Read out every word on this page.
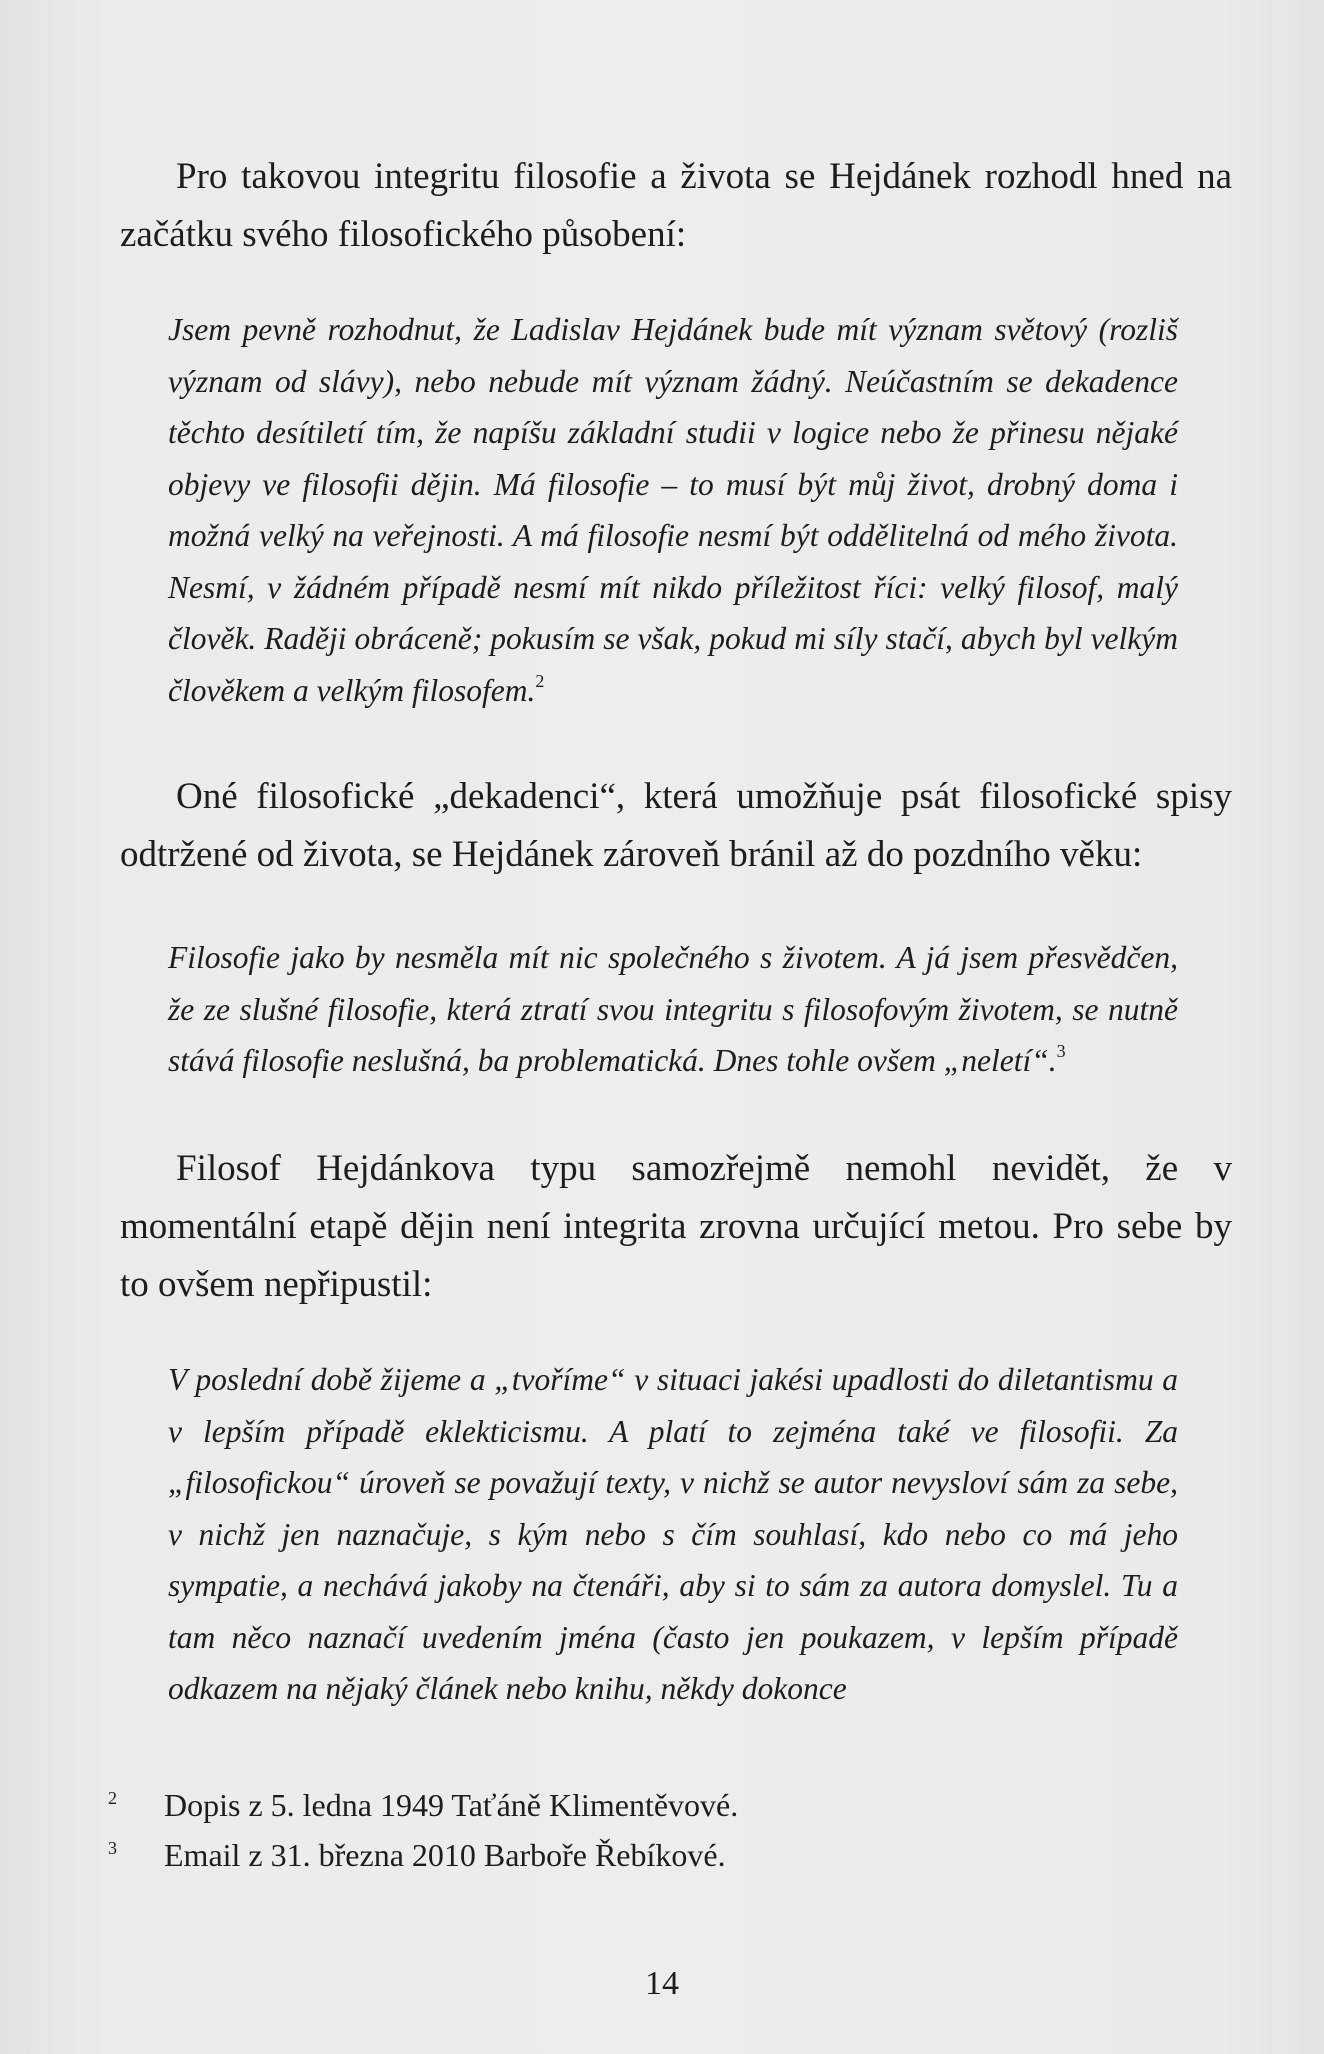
Pro takovou integritu filosofie a života se Hejdánek rozhodl hned na začátku svého filosofického působení:

Jsem pevně rozhodnut, že Ladislav Hejdánek bude mít význam světový (rozliš význam od slávy), nebo nebude mít význam žádný. Neúčastním se dekadence těchto desítiletí tím, že napíšu základní studii v logice nebo že přinesu nějaké objevy ve filosofii dějin. Má filosofie – to musí být můj život, drobný doma i možná velký na veřejnosti. A má filosofie nesmí být oddělitelná od mého života. Nesmí, v žádném případě nesmí mít nikdo příležitost říci: velký filosof, malý člověk. Raději obráceně; pokusím se však, pokud mi síly stačí, abych byl velkým člověkem a velkým filosofem.$^2$

Oné filosofické „dekadenci“, která umožňuje psát filosofické spisy odtržené od života, se Hejdánek zároveň bránil až do pozdního věku:

Filosofie jako by nesměla mít nic společného s životem. A já jsem přesvědčen, že ze slušné filosofie, která ztratí svou integritu s filosofovým životem, se nutně stává filosofie neslušná, ba problematická. Dnes tohle ovšem „neletí“.$^3$

Filosof Hejdánkova typu samozřejmě nemohl nevidět, že v momentální etapě dějin není integrita zrovna určující metou. Pro sebe by to ovšem nepřipustil:

V poslední době žijeme a „tvoříme“ v situaci jakési upadlosti do diletantismu a v lepším případě eklekticismu. A platí to zejména také ve filosofii. Za „filosofickou“ úroveň se považují texty, v nichž se autor nevysloví sám za sebe, v nichž jen naznačuje, s kým nebo s čím souhlasí, kdo nebo co má jeho sympatie, a nechává jakoby na čtenáři, aby si to sám za autora domyslel. Tu a tam něco naznačí uvedením jména (často jen poukazem, v lepším případě odkazem na nějaký článek nebo knihu, někdy dokonce

2	Dopis z 5. ledna 1949 Taťáně Klimentěvové.
3	Email z 31. března 2010 Barboře Řebíkové.
14
